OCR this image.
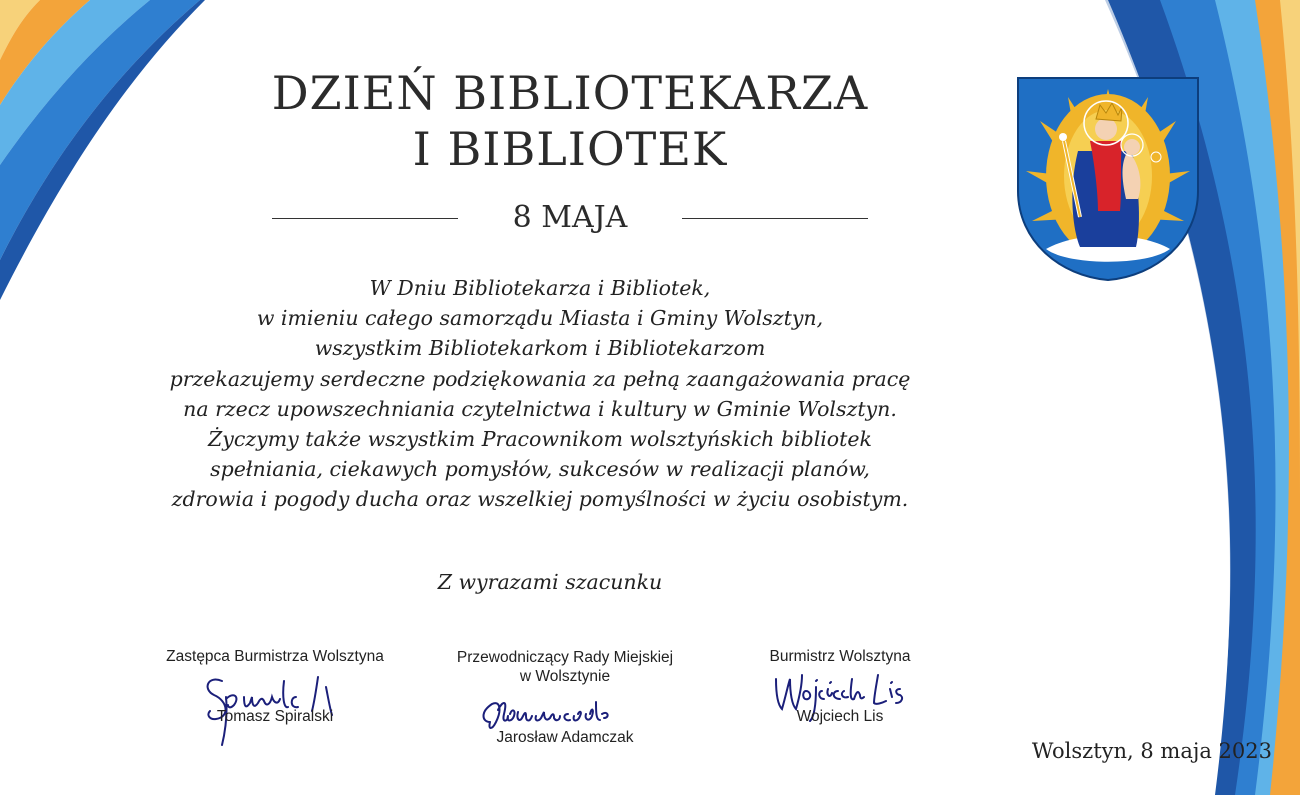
DZIEŃ BIBLIOTEKARZA
I BIBLIOTEK
8 MAJA
W Dniu Bibliotekarza i Bibliotek,
w imieniu całego samorządu Miasta i Gminy Wolsztyn,
wszystkim Bibliotekarkom i Bibliotekarzom
przekazujemy serdeczne podziękowania za pełną zaangażowania pracę
na rzecz upowszechniania czytelnictwa i kultury w Gminie Wolsztyn.
Życzymy także wszystkim Pracownikom wolsztyńskich bibliotek
spełniania, ciekawych pomysłów, sukcesów w realizacji planów,
zdrowia i pogody ducha oraz wszelkiej pomyślności w życiu osobistym.
Z wyrazami szacunku
Zastępca Burmistrza Wolsztyna
Tomasz Spiralski
Przewodniczący Rady Miejskiej
w Wolsztynie
Jarosław Adamczak
Burmistrz Wolsztyna
Wojciech Lis
Wolsztyn, 8 maja 2023
